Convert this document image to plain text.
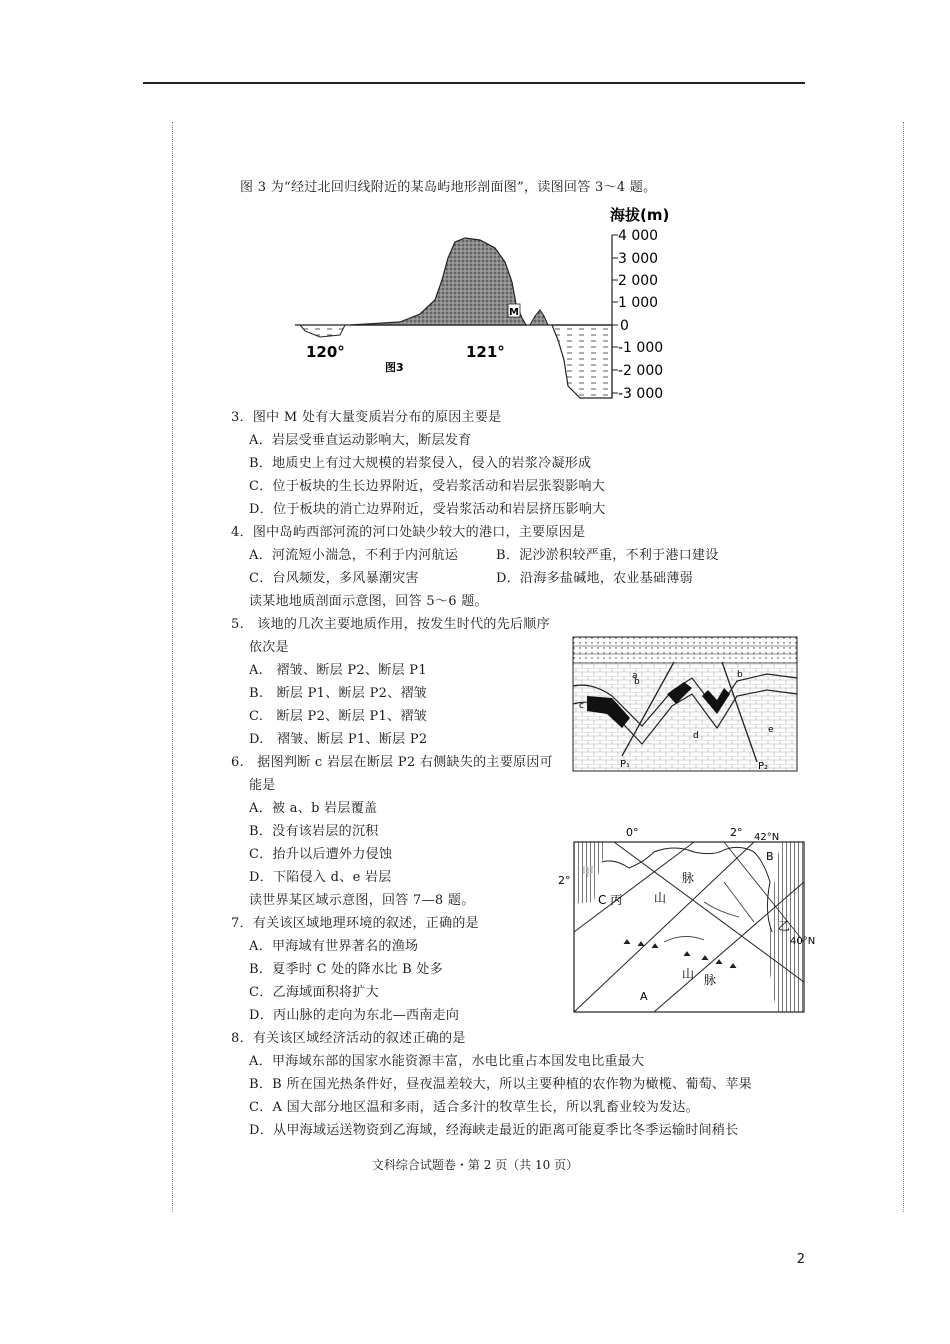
图 3 为“经过北回归线附近的某岛屿地形剖面图”，读图回答 3～4 题。
M
海拔(m)
4 000
3 000
2 000
1 000
0
-1 000
-2 000
-3 000
120°	121°
图3
3．图中 M 处有大量变质岩分布的原因主要是
A．岩层受垂直运动影响大，断层发育
B．地质史上有过大规模的岩浆侵入，侵入的岩浆冷凝形成
C．位于板块的生长边界附近，受岩浆活动和岩层张裂影响大
D．位于板块的消亡边界附近，受岩浆活动和岩层挤压影响大
4．图中岛屿西部河流的河口处缺少较大的港口，主要原因是
A．河流短小湍急，不利于内河航运	B．泥沙淤积较严重，不利于港口建设
C．台风频发，多风暴潮灾害	D．沿海多盐碱地，农业基础薄弱
读某地地质剖面示意图，回答 5～6 题。
5.　该地的几次主要地质作用，按发生时代的先后顺序
依次是
A.　褶皱、断层 P2、断层 P1
B.　断层 P1、断层 P2、褶皱
C.　断层 P2、断层 P1、褶皱
D.　褶皱、断层 P1、断层 P2
a
b
b
c
d
e
P₁	P₂
6.　据图判断 c 岩层在断层 P2 右侧缺失的主要原因可
能是
A．被 a、b 岩层覆盖
B．没有该岩层的沉积
C．抬升以后遭外力侵蚀
D．下陷侵入 d、e 岩层
读世界某区域示意图，回答 7—8 题。
0°	2° 42°N
40°N
2°
甲
乙
C 丙	山
脉
山 脉
B
A
7．有关该区域地理环境的叙述，正确的是
A．甲海域有世界著名的渔场
B．夏季时 C 处的降水比 B 处多
C．乙海域面积将扩大
D．丙山脉的走向为东北—西南走向
8．有关该区域经济活动的叙述正确的是
A．甲海域东部的国家水能资源丰富，水电比重占本国发电比重最大
B．B 所在国光热条件好，昼夜温差较大，所以主要种植的农作物为橄榄、葡萄、苹果
C．A 国大部分地区温和多雨，适合多汁的牧草生长，所以乳畜业较为发达。
D．从甲海域运送物资到乙海域，经海峡走最近的距离可能夏季比冬季运输时间稍长
文科综合试题卷・第 2 页（共 10 页）
2
